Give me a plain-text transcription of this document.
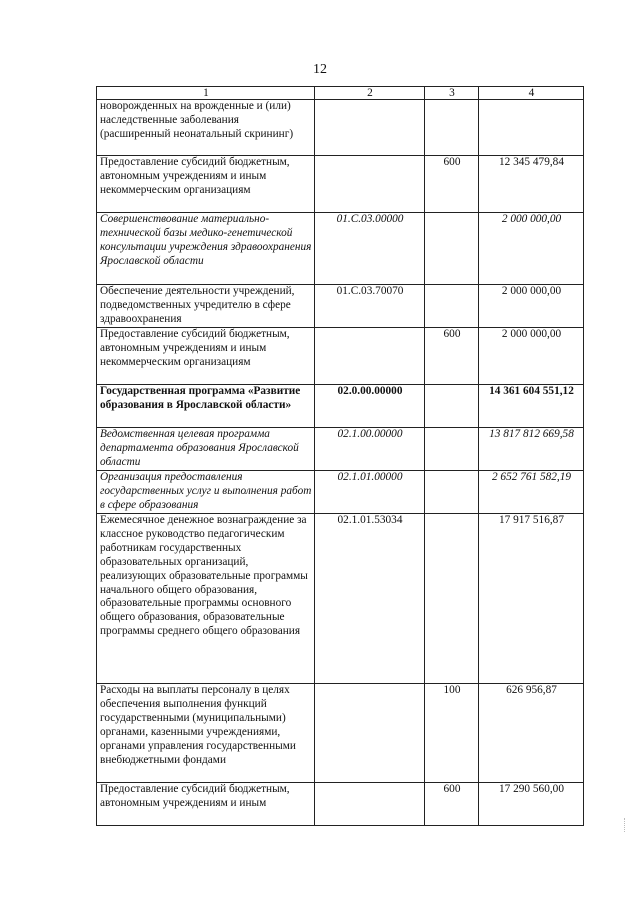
12
1	2	3	4
новорожденных на врожденные и (или) наследственные заболевания (расширенный неонатальный скрининг)			
Предоставление субсидий бюджетным, автономным учреждениям и иным некоммерческим организациям		600	12 345 479,84
Совершенствование материально-технической базы медико-генетической консультации учреждения здравоохранения Ярославской области	01.С.03.00000		2 000 000,00
Обеспечение деятельности учреждений, подведомственных учредителю в сфере здравоохранения	01.С.03.70070		2 000 000,00
Предоставление субсидий бюджетным, автономным учреждениям и иным некоммерческим организациям		600	2 000 000,00
Государственная программа «Развитие образования в Ярославской области»	02.0.00.00000		14 361 604 551,12
Ведомственная целевая программа департамента образования Ярославской области	02.1.00.00000		13 817 812 669,58
Организация предоставления государственных услуг и выполнения работ в сфере образования	02.1.01.00000		2 652 761 582,19
Ежемесячное денежное вознаграждение за классное руководство педагогическим работникам государственных образовательных организаций, реализующих образовательные программы начального общего образования, образовательные программы основного общего образования, образовательные программы среднего общего образования	02.1.01.53034		17 917 516,87
Расходы на выплаты персоналу в целях обеспечения выполнения функций государственными (муниципальными) органами, казенными учреждениями, органами управления государственными внебюджетными фондами		100	626 956,87
Предоставление субсидий бюджетным, автономным учреждениям и иным		600	17 290 560,00
